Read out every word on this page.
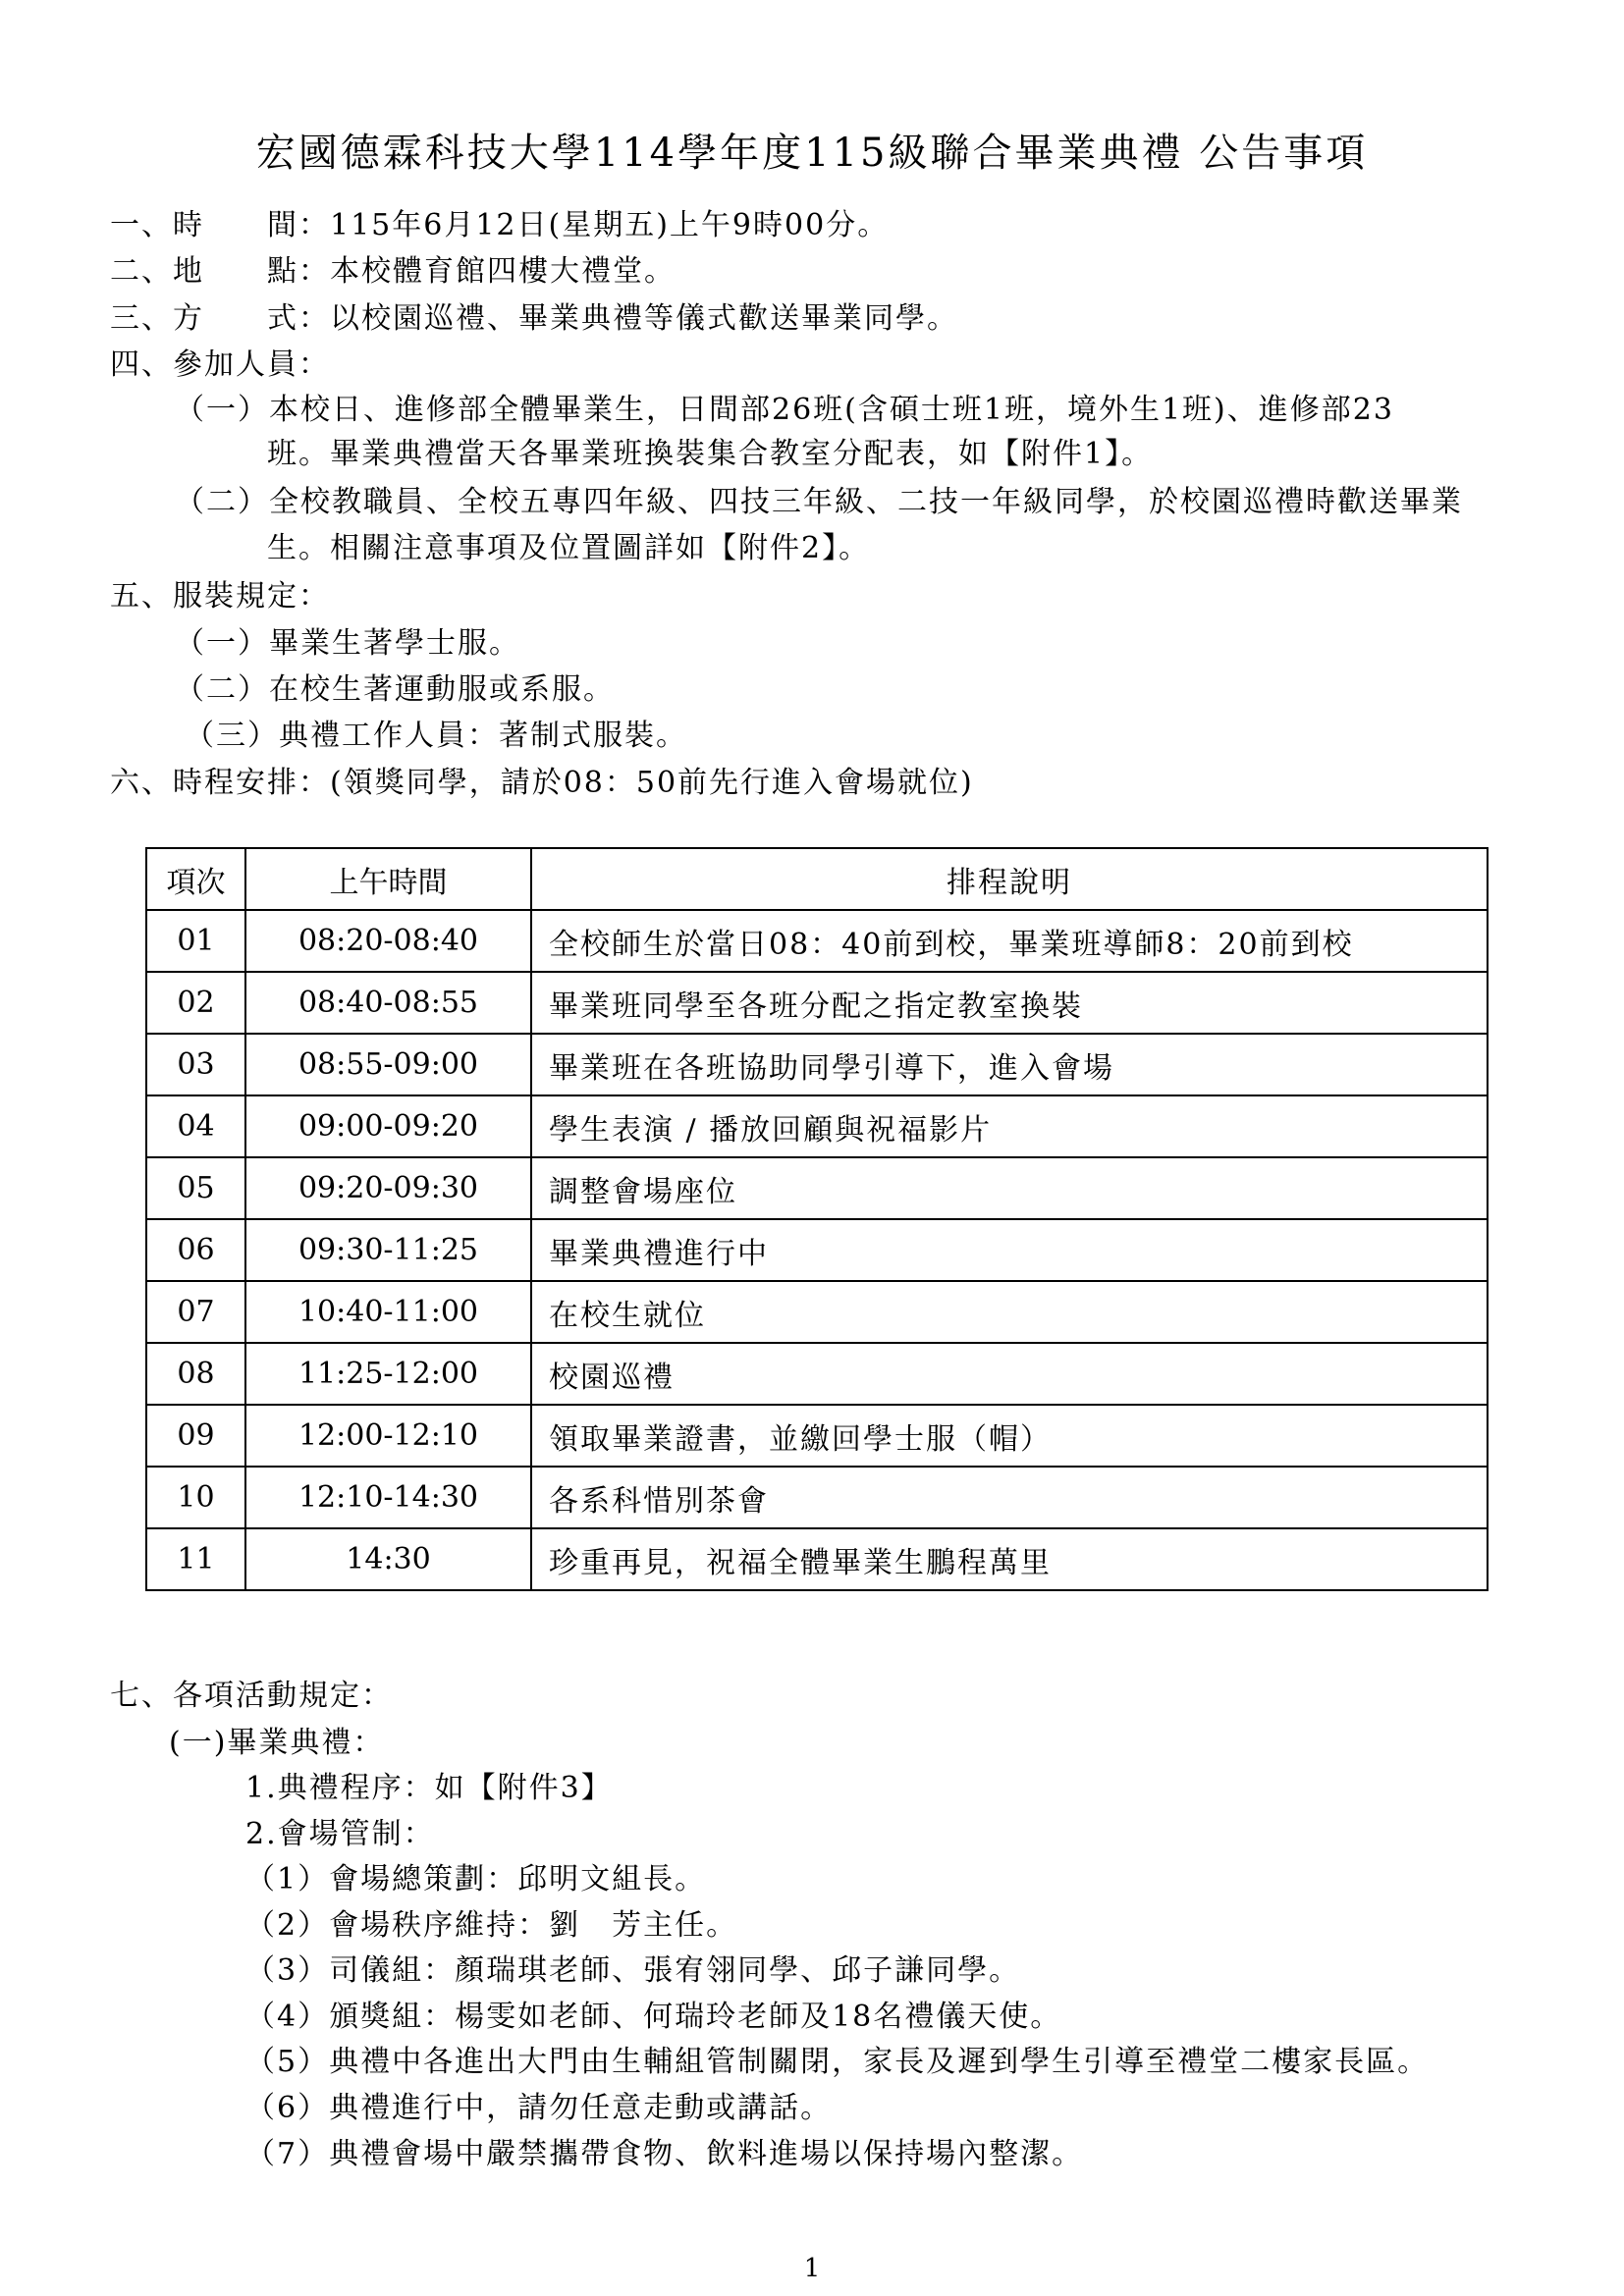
宏國德霖科技大學114學年度115級聯合畢業典禮 公告事項
一、時　　間：115年6月12日(星期五)上午9時00分。
二、地　　點：本校體育館四樓大禮堂。
三、方　　式：以校園巡禮、畢業典禮等儀式歡送畢業同學。
四、參加人員：
（一）本校日、進修部全體畢業生，日間部26班(含碩士班1班，境外生1班)、進修部23
班。畢業典禮當天各畢業班換裝集合教室分配表，如【附件1】。
（二）全校教職員、全校五專四年級、四技三年級、二技一年級同學，於校園巡禮時歡送畢業
生。相關注意事項及位置圖詳如【附件2】。
五、服裝規定：
（一）畢業生著學士服。
（二）在校生著運動服或系服。
（三）典禮工作人員：著制式服裝。
六、時程安排：(領獎同學，請於08：50前先行進入會場就位)
項次	上午時間	排程說明
01	08:20-08:40	全校師生於當日08：40前到校，畢業班導師8：20前到校
02	08:40-08:55	畢業班同學至各班分配之指定教室換裝
03	08:55-09:00	畢業班在各班協助同學引導下，進入會場
04	09:00-09:20	學生表演 / 播放回顧與祝福影片
05	09:20-09:30	調整會場座位
06	09:30-11:25	畢業典禮進行中
07	10:40-11:00	在校生就位
08	11:25-12:00	校園巡禮
09	12:00-12:10	領取畢業證書，並繳回學士服（帽）
10	12:10-14:30	各系科惜別茶會
11	14:30	珍重再見，祝福全體畢業生鵬程萬里
七、各項活動規定：
(一)畢業典禮：
1.典禮程序：如【附件3】
2.會場管制：
（1）會場總策劃：邱明文組長。
（2）會場秩序維持：劉　芳主任。
（3）司儀組：顏瑞琪老師、張宥翎同學、邱子謙同學。
（4）頒獎組：楊雯如老師、何瑞玲老師及18名禮儀天使。
（5）典禮中各進出大門由生輔組管制關閉，家長及遲到學生引導至禮堂二樓家長區。
（6）典禮進行中，請勿任意走動或講話。
（7）典禮會場中嚴禁攜帶食物、飲料進場以保持場內整潔。
1
